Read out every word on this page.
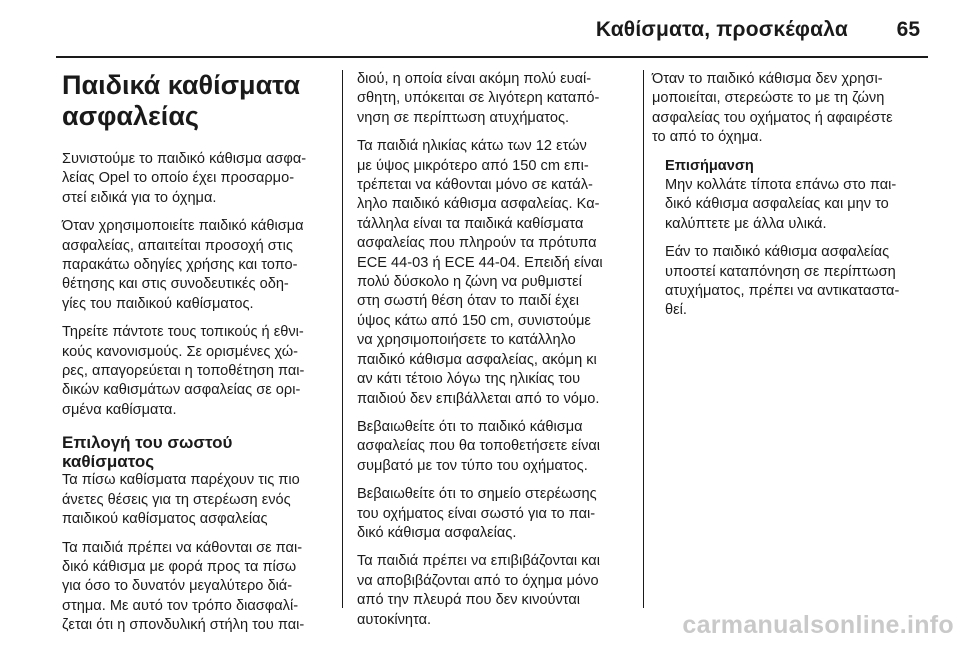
Καθίσματα, προσκέφαλα 65
Παιδικά καθίσματα
ασφαλείας

Συνιστούμε το παιδικό κάθισμα ασφα-
λείας Opel το οποίο έχει προσαρμο-
στεί ειδικά για το όχημα.

Όταν χρησιμοποιείτε παιδικό κάθισμα
ασφαλείας, απαιτείται προσοχή στις
παρακάτω οδηγίες χρήσης και τοπο-
θέτησης και στις συνοδευτικές οδη-
γίες του παιδικού καθίσματος.

Τηρείτε πάντοτε τους τοπικούς ή εθνι-
κούς κανονισμούς. Σε ορισμένες χώ-
ρες, απαγορεύεται η τοποθέτηση παι-
δικών καθισμάτων ασφαλείας σε ορι-
σμένα καθίσματα.

Επιλογή του σωστού
καθίσματος

Τα πίσω καθίσματα παρέχουν τις πιο
άνετες θέσεις για τη στερέωση ενός
παιδικού καθίσματος ασφαλείας

Τα παιδιά πρέπει να κάθονται σε παι-
δικό κάθισμα με φορά προς τα πίσω
για όσο το δυνατόν μεγαλύτερο διά-
στημα. Με αυτό τον τρόπο διασφαλί-
ζεται ότι η σπονδυλική στήλη του παι-

διού, η οποία είναι ακόμη πολύ ευαί-
σθητη, υπόκειται σε λιγότερη καταπό-
νηση σε περίπτωση ατυχήματος.

Τα παιδιά ηλικίας κάτω των 12 ετών
με ύψος μικρότερο από 150 cm επι-
τρέπεται να κάθονται μόνο σε κατάλ-
ληλο παιδικό κάθισμα ασφαλείας. Κα-
τάλληλα είναι τα παιδικά καθίσματα
ασφαλείας που πληρούν τα πρότυπα
ECE 44-03 ή ECE 44-04. Επειδή είναι
πολύ δύσκολο η ζώνη να ρυθμιστεί
στη σωστή θέση όταν το παιδί έχει
ύψος κάτω από 150 cm, συνιστούμε
να χρησιμοποιήσετε το κατάλληλο
παιδικό κάθισμα ασφαλείας, ακόμη κι
αν κάτι τέτοιο λόγω της ηλικίας του
παιδιού δεν επιβάλλεται από το νόμο.

Βεβαιωθείτε ότι το παιδικό κάθισμα
ασφαλείας που θα τοποθετήσετε είναι
συμβατό με τον τύπο του οχήματος.

Βεβαιωθείτε ότι το σημείο στερέωσης
του οχήματος είναι σωστό για το παι-
δικό κάθισμα ασφαλείας.

Τα παιδιά πρέπει να επιβιβάζονται και
να αποβιβάζονται από το όχημα μόνο
από την πλευρά που δεν κινούνται
αυτοκίνητα.

Όταν το παιδικό κάθισμα δεν χρησι-
μοποιείται, στερεώστε το με τη ζώνη
ασφαλείας του οχήματος ή αφαιρέστε
το από το όχημα.

Επισήμανση

Μην κολλάτε τίποτα επάνω στο παι-
δικό κάθισμα ασφαλείας και μην το
καλύπτετε με άλλα υλικά.

Εάν το παιδικό κάθισμα ασφαλείας
υποστεί καταπόνηση σε περίπτωση
ατυχήματος, πρέπει να αντικαταστα-
θεί.

carmanualsonline.info
